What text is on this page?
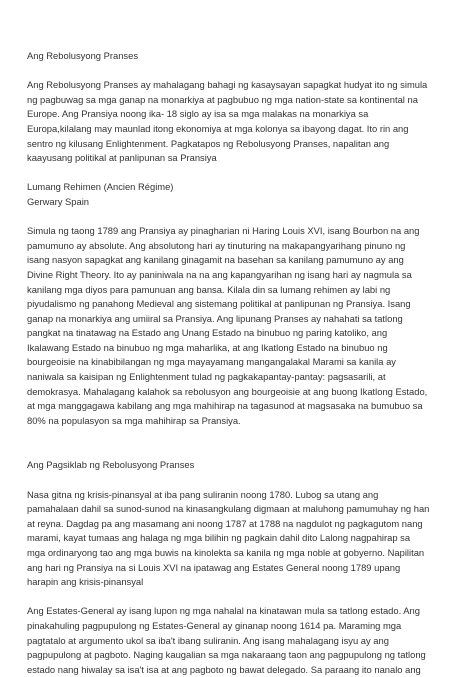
Ang Rebolusyong Pranses

Ang Rebolusyong Pranses ay mahalagang bahagi ng kasaysayan sapagkat hudyat ito ng simula ng pagbuwag sa mga ganap na monarkiya at pagbubuo ng mga nation-state sa kontinental na Europe. Ang Pransiya noong ika- 18 siglo ay isa sa mga malakas na monarkiya sa Europa,kilalang may maunlad itong ekonomiya at mga kolonya sa ibayong dagat. Ito rin ang sentro ng kilusang Enlightenment. Pagkatapos ng Rebolusyong Pranses, napalitan ang kaayusang politikal at panlipunan sa Pransiya

Lumang Rehimen (Ancien Régime)

Gerwary Spain

Simula ng taong 1789 ang Pransiya ay pinagharian ni Haring Louis XVI, isang Bourbon na ang pamumuno ay absolute. Ang absolutong hari ay tinuturing na makapangyarihang pinuno ng isang nasyon sapagkat ang kanilang ginagamit na basehan sa kanilang pamumuno ay ang Divine Right Theory. Ito ay paniniwala na na ang kapangyarihan ng isang hari ay nagmula sa kanilang mga diyos para pamunuan ang bansa. Kilala din sa lumang rehimen ay labi ng piyudalismo ng panahong Medieval ang sistemang politikal at panlipunan ng Pransiya. Isang ganap na monarkiya ang umiiral sa Pransiya. Ang lipunang Pranses ay nahahati sa tatlong pangkat na tinatawag na Estado ang Unang Estado na binubuo ng paring katoliko, ang Ikalawang Estado na binubuo ng mga maharlika, at ang Ikatlong Estado na binubuo ng bourgeoisie na kinabibilangan ng mga mayayamang mangangalakal Marami sa kanila ay naniwala sa kaisipan ng Enlightenment tulad ng pagkakapantay-pantay: pagsasarili, at demokrasya. Mahalagang kalahok sa rebolusyon ang bourgeoisie at ang buong Ikatlong Estado, at mga manggagawa kabilang ang mga mahihirap na tagasunod at magsasaka na bumubuo sa 80% na populasyon sa mga mahihirap sa Pransiya.

Ang Pagsiklab ng Rebolusyong Pranses

Nasa gitna ng krisis-pinansyal at iba pang suliranin noong 1780. Lubog sa utang ang pamahalaan dahil sa sunod-sunod na kinasangkulang digmaan at maluhong pamumuhay ng han at reyna. Dagdag pa ang masamang ani noong 1787 at 1788 na nagdulot ng pagkagutom nang marami, kayat tumaas ang halaga ng mga bilihin ng pagkain dahil dito Lalong nagpahirap sa mga ordinaryong tao ang mga buwis na kinolekta sa kanila ng mga noble at gobyerno. Napilitan ang hari ng Pransiya na si Louis XVI na ipatawag ang Estates General noong 1789 upang harapin ang krisis-pinansyal

Ang Estates-General ay isang lupon ng mga nahalal na kinatawan mula sa tatlong estado. Ang pinakahuling pagpupulong ng Estates-General ay ginanap noong 1614 pa. Maraming mga pagtatalo at argumento ukol sa iba't ibang suliranin. Ang isang mahalagang isyu ay ang pagpupulong at pagboto. Naging kaugalian sa mga nakaraang taon ang pagpupulong ng tatlong estado nang hiwalay sa isa't isa at ang pagboto ng bawat delegado. Sa paraang ito nanalo ang
